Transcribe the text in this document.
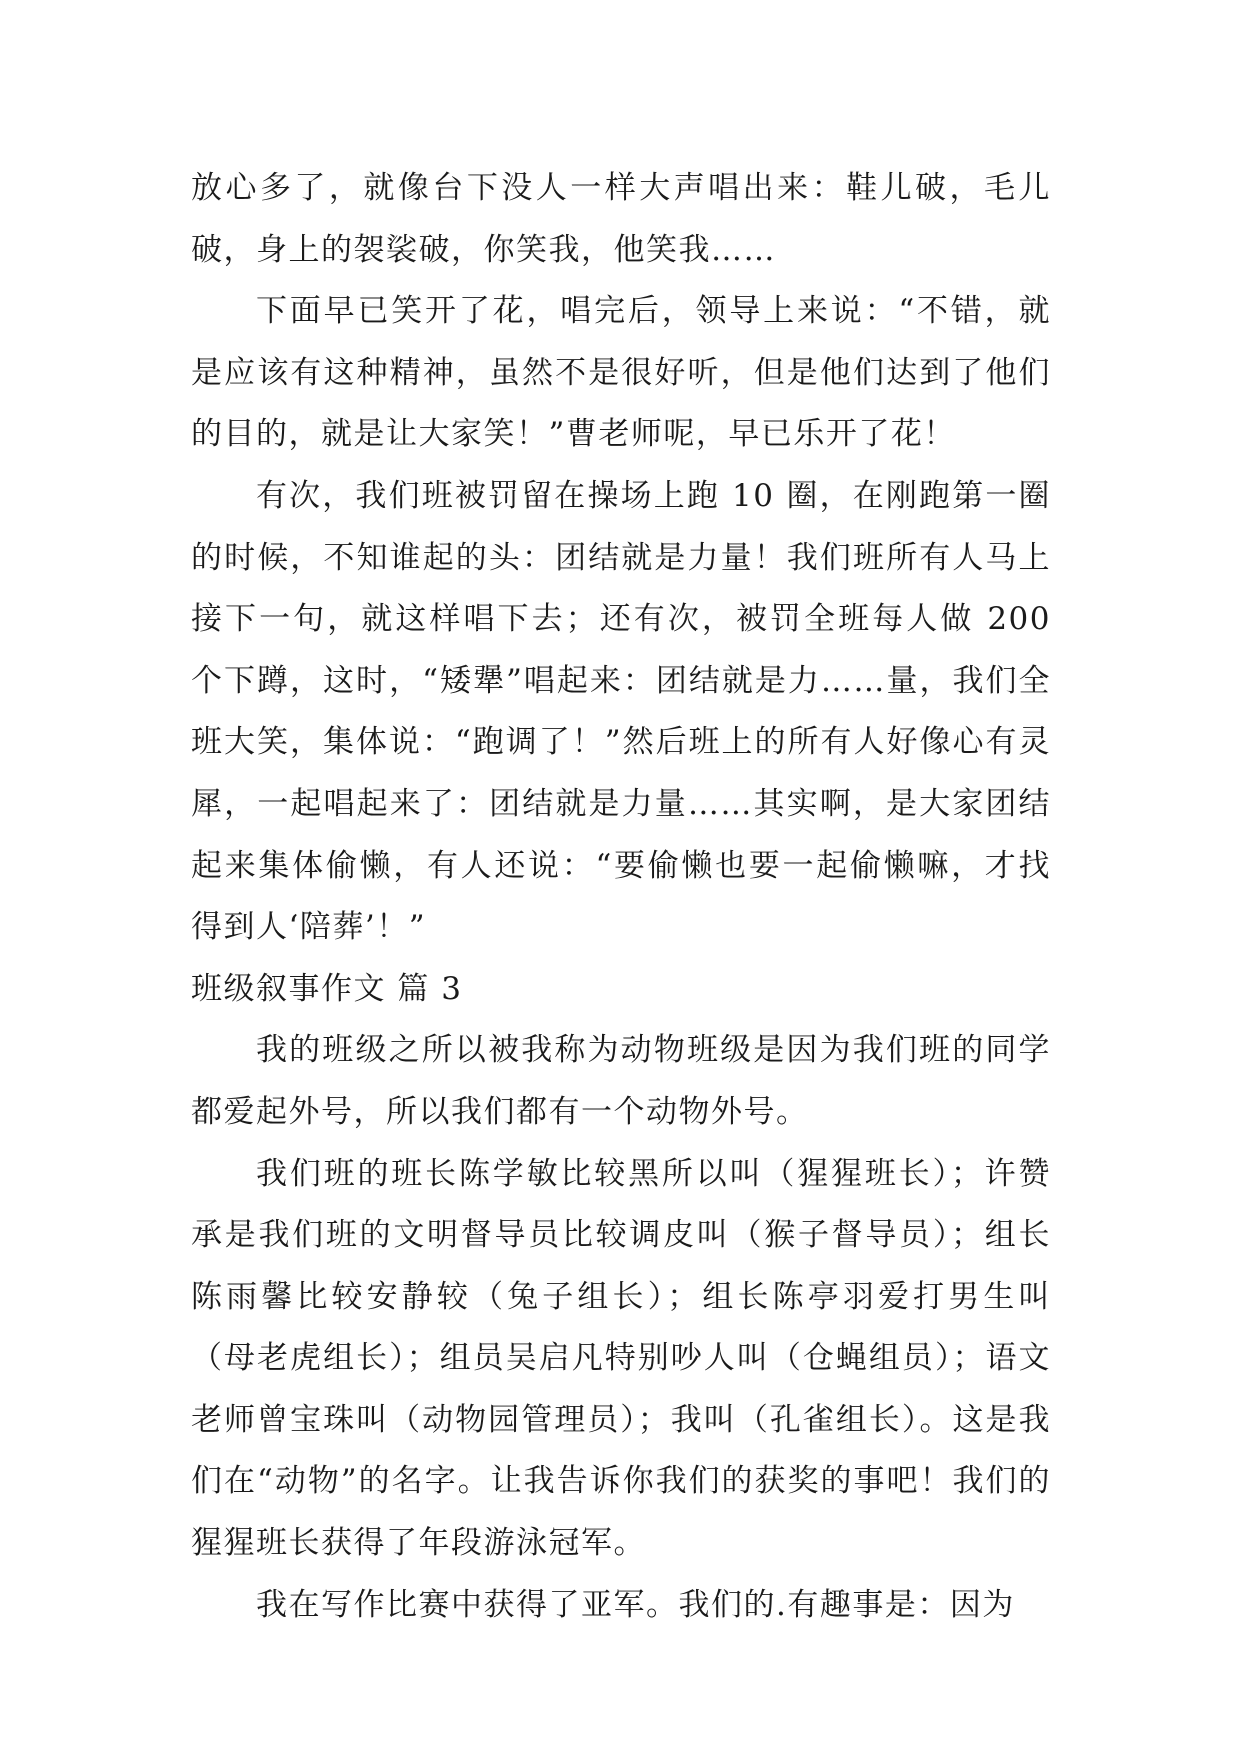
放心多了，就像台下没人一样大声唱出来：鞋儿破，毛儿破，身上的袈裟破，你笑我，他笑我……

下面早已笑开了花，唱完后，领导上来说：“不错，就是应该有这种精神，虽然不是很好听，但是他们达到了他们的目的，就是让大家笑！”曹老师呢，早已乐开了花！

有次，我们班被罚留在操场上跑 10 圈，在刚跑第一圈的时候，不知谁起的头：团结就是力量！我们班所有人马上接下一句，就这样唱下去；还有次，被罚全班每人做 200 个下蹲，这时，“矮犟”唱起来：团结就是力……量，我们全班大笑，集体说：“跑调了！”然后班上的所有人好像心有灵犀，一起唱起来了：团结就是力量……其实啊，是大家团结起来集体偷懒，有人还说：“要偷懒也要一起偷懒嘛，才找得到人‘陪葬’！”

班级叙事作文 篇 3

我的班级之所以被我称为动物班级是因为我们班的同学都爱起外号，所以我们都有一个动物外号。

我们班的班长陈学敏比较黑所以叫（猩猩班长）；许赞承是我们班的文明督导员比较调皮叫（猴子督导员）；组长陈雨馨比较安静较（兔子组长）；组长陈亭羽爱打男生叫（母老虎组长）；组员吴启凡特别吵人叫（仓蝇组员）；语文老师曾宝珠叫（动物园管理员）；我叫（孔雀组长）。这是我们在“动物”的名字。让我告诉你我们的获奖的事吧！我们的猩猩班长获得了年段游泳冠军。

我在写作比赛中获得了亚军。我们的.有趣事是：因为
